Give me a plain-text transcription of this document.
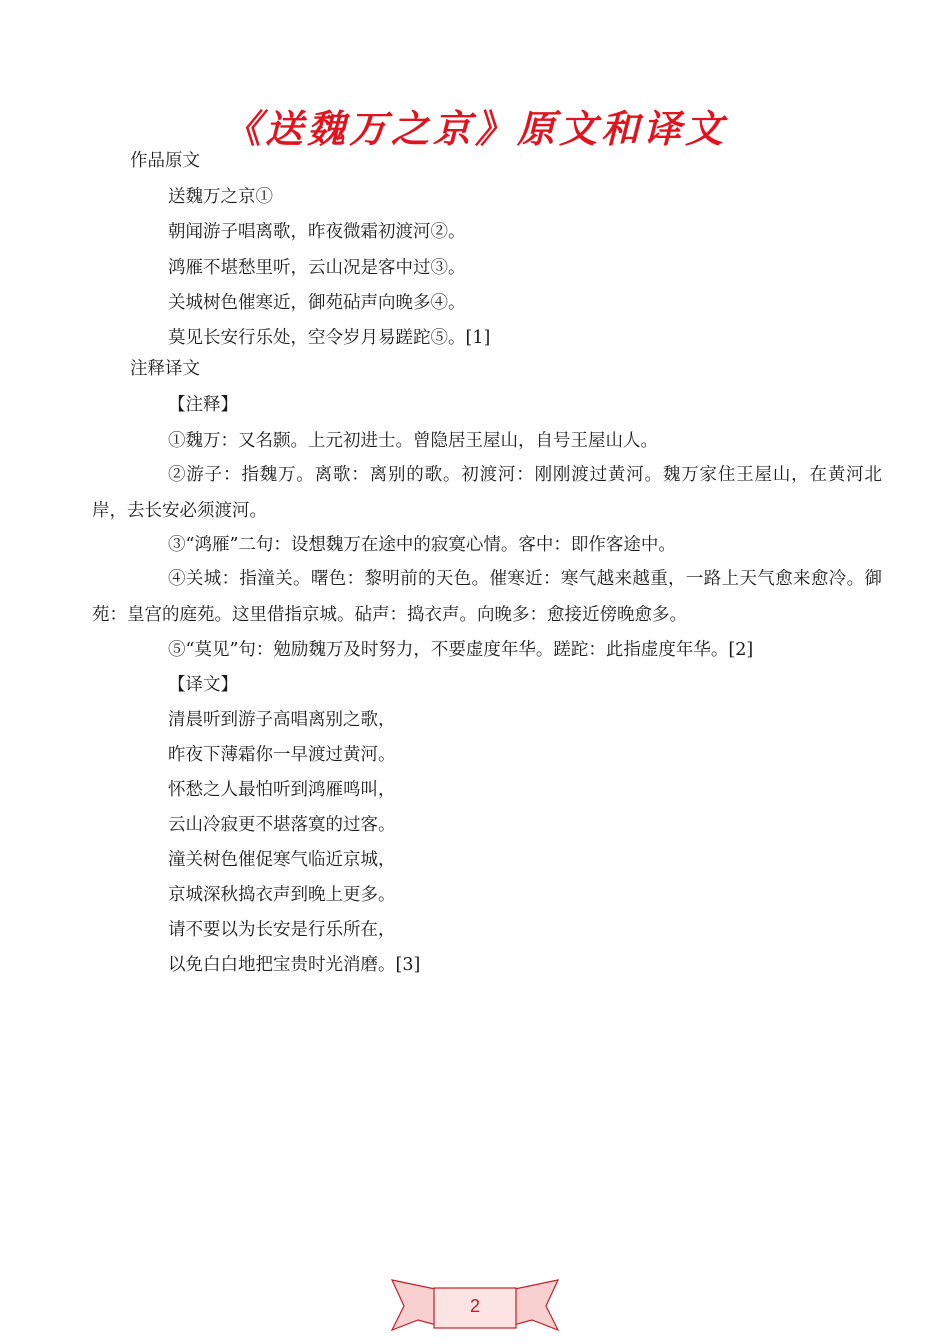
《送魏万之京》原文和译文
作品原文
送魏万之京①
朝闻游子唱离歌，昨夜微霜初渡河②。
鸿雁不堪愁里听，云山况是客中过③。
关城树色催寒近，御苑砧声向晚多④。
莫见长安行乐处，空令岁月易蹉跎⑤。[1]
注释译文
【注释】
①魏万：又名颢。上元初进士。曾隐居王屋山，自号王屋山人。
②游子：指魏万。离歌：离别的歌。初渡河：刚刚渡过黄河。魏万家住王屋山，在黄河北岸，去长安必须渡河。
③“鸿雁”二句：设想魏万在途中的寂寞心情。客中：即作客途中。
④关城：指潼关。曙色：黎明前的天色。催寒近：寒气越来越重，一路上天气愈来愈冷。御苑：皇宫的庭苑。这里借指京城。砧声：捣衣声。向晚多：愈接近傍晚愈多。
⑤“莫见”句：勉励魏万及时努力，不要虚度年华。蹉跎：此指虚度年华。[2]
【译文】
清晨听到游子高唱离别之歌，
昨夜下薄霜你一早渡过黄河。
怀愁之人最怕听到鸿雁鸣叫，
云山冷寂更不堪落寞的过客。
潼关树色催促寒气临近京城，
京城深秋捣衣声到晚上更多。
请不要以为长安是行乐所在，
以免白白地把宝贵时光消磨。[3]
2
